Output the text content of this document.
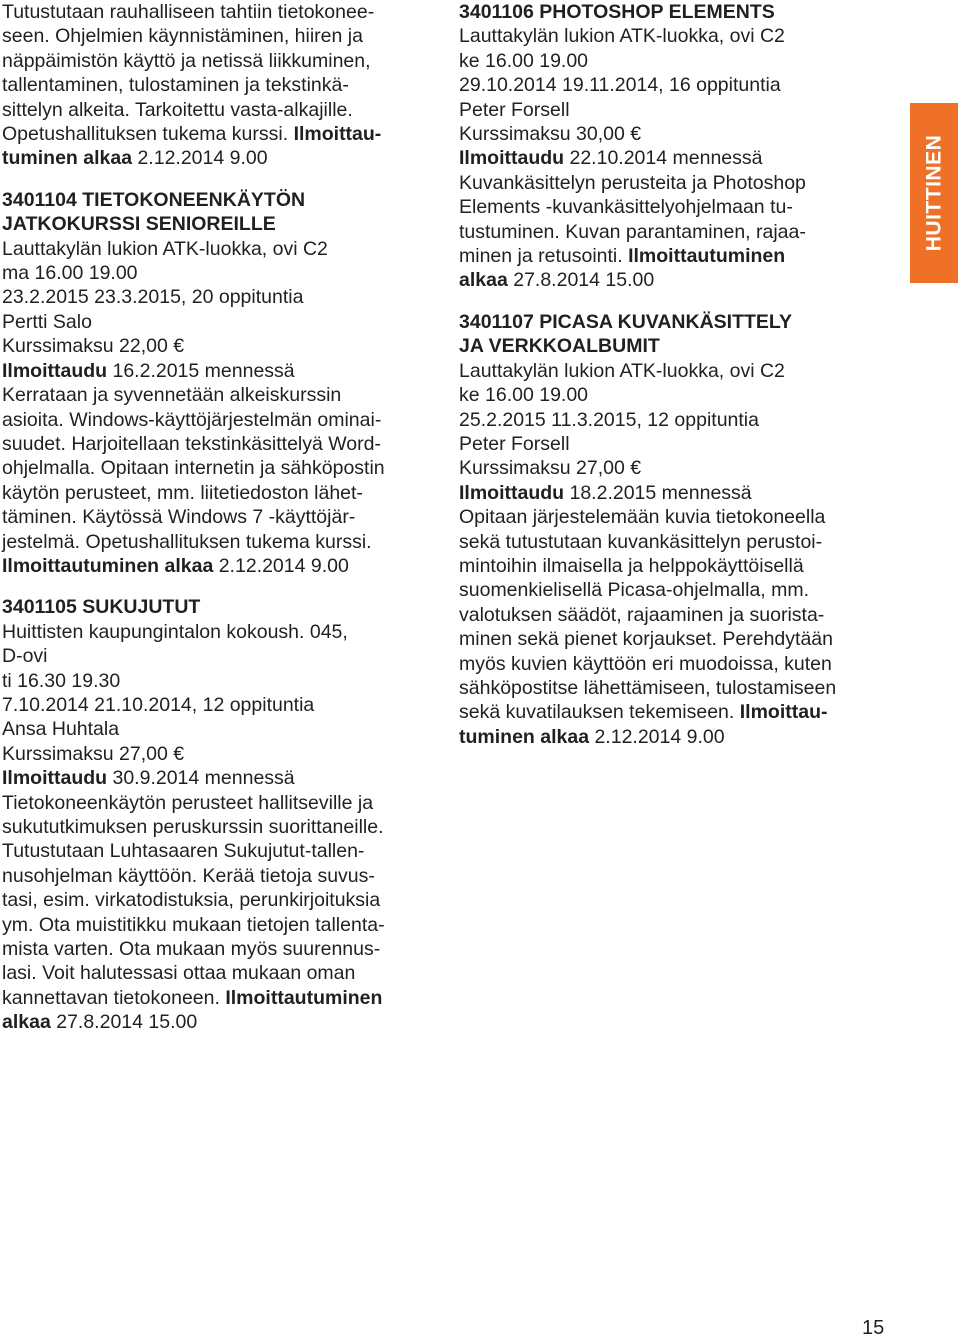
Tutustutaan rauhalliseen tahtiin tietokonee-

seen. Ohjelmien käynnistäminen, hiiren ja

näppäimistön käyttö ja netissä liikkuminen,

tallentaminen, tulostaminen ja tekstinkä-

sittelyn alkeita. Tarkoitettu vasta-alkajille.

Opetushallituksen tukema kurssi. Ilmoittau-

tuminen alkaa 2.12.2014 9.00

3401104 TIETOKONEENKÄYTÖN

JATKOKURSSI SENIOREILLE

Lauttakylän lukion ATK-luokka, ovi C2

ma 16.00 19.00

23.2.2015 23.3.2015, 20 oppituntia

Pertti Salo

Kurssimaksu 22,00 €

Ilmoittaudu 16.2.2015 mennessä

Kerrataan ja syvennetään alkeiskurssin

asioita. Windows-käyttöjärjestelmän ominai-

suudet. Harjoitellaan tekstinkäsittelyä Word-

ohjelmalla. Opitaan internetin ja sähköpostin

käytön perusteet, mm. liitetiedoston lähet-

täminen. Käytössä Windows 7 -käyttöjär-

jestelmä. Opetushallituksen tukema kurssi.

Ilmoittautuminen alkaa 2.12.2014 9.00

3401105 SUKUJUTUT

Huittisten kaupungintalon kokoush. 045,

D-ovi

ti 16.30 19.30

7.10.2014 21.10.2014, 12 oppituntia

Ansa Huhtala

Kurssimaksu 27,00 €

Ilmoittaudu 30.9.2014 mennessä

Tietokoneenkäytön perusteet hallitseville ja

sukututkimuksen peruskurssin suorittaneille.

Tutustutaan Luhtasaaren Sukujutut-tallen-

nusohjelman käyttöön. Kerää tietoja suvus-

tasi, esim. virkatodistuksia, perunkirjoituksia

ym. Ota muistitikku mukaan tietojen tallenta-

mista varten. Ota mukaan myös suurennus-

lasi. Voit halutessasi ottaa mukaan oman

kannettavan tietokoneen. Ilmoittautuminen

alkaa 27.8.2014 15.00

3401106 PHOTOSHOP ELEMENTS

Lauttakylän lukion ATK-luokka, ovi C2

ke 16.00 19.00

29.10.2014 19.11.2014, 16 oppituntia

Peter Forsell

Kurssimaksu 30,00 €

Ilmoittaudu 22.10.2014 mennessä

Kuvankäsittelyn perusteita ja Photoshop

Elements -kuvankäsittelyohjelmaan tu-

tustuminen. Kuvan parantaminen, rajaa-

minen ja retusointi. Ilmoittautuminen

alkaa 27.8.2014 15.00

3401107 PICASA KUVANKÄSITTELY

JA VERKKOALBUMIT

Lauttakylän lukion ATK-luokka, ovi C2

ke 16.00 19.00

25.2.2015 11.3.2015, 12 oppituntia

Peter Forsell

Kurssimaksu 27,00 €

Ilmoittaudu 18.2.2015 mennessä

Opitaan järjestelemään kuvia tietokoneella

sekä tutustutaan kuvankäsittelyn perustoi-

mintoihin ilmaisella ja helppokäyttöisellä

suomenkielisellä Picasa-ohjelmalla, mm.

valotuksen säädöt, rajaaminen ja suorista-

minen sekä pienet korjaukset. Perehdytään

myös kuvien käyttöön eri muodoissa, kuten

sähköpostitse lähettämiseen, tulostamiseen

sekä kuvatilauksen tekemiseen. Ilmoittau-

tuminen alkaa 2.12.2014 9.00

HUITTINEN
15
